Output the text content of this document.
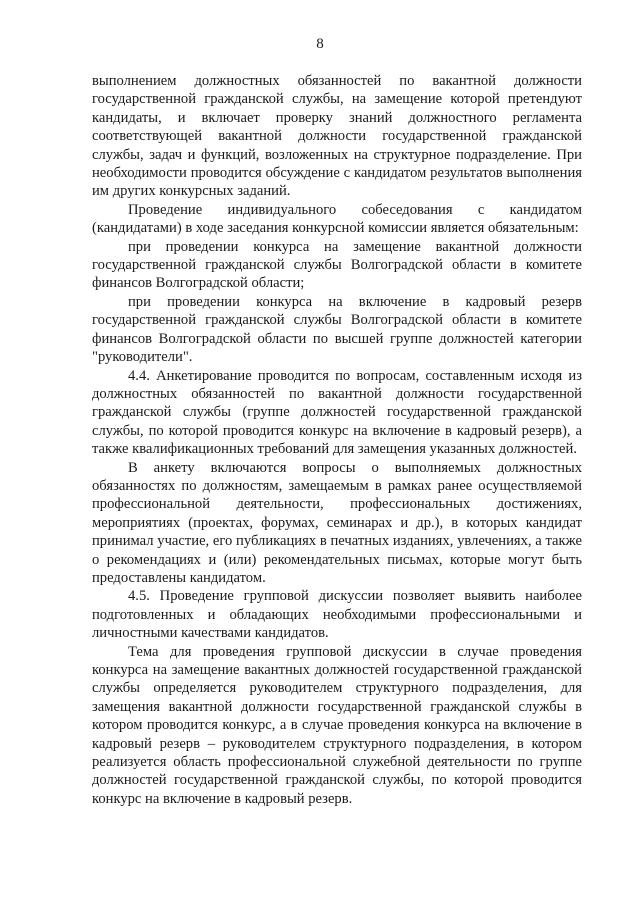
8

выполнением должностных обязанностей по вакантной должности государственной гражданской службы, на замещение которой претендуют кандидаты, и включает проверку знаний должностного регламента соответствующей вакантной должности государственной гражданской службы, задач и функций, возложенных на структурное подразделение. При необходимости проводится обсуждение с кандидатом результатов выполнения им других конкурсных заданий.

Проведение индивидуального собеседования с кандидатом (кандидатами) в ходе заседания конкурсной комиссии является обязательным:

при проведении конкурса на замещение вакантной должности государственной гражданской службы Волгоградской области в комитете финансов Волгоградской области;

при проведении конкурса на включение в кадровый резерв государственной гражданской службы Волгоградской области в комитете финансов Волгоградской области по высшей группе должностей категории "руководители".

4.4. Анкетирование проводится по вопросам, составленным исходя из должностных обязанностей по вакантной должности государственной гражданской службы (группе должностей государственной гражданской службы, по которой проводится конкурс на включение в кадровый резерв), а также квалификационных требований для замещения указанных должностей.

В анкету включаются вопросы о выполняемых должностных обязанностях по должностям, замещаемым в рамках ранее осуществляемой профессиональной деятельности, профессиональных достижениях, мероприятиях (проектах, форумах, семинарах и др.), в которых кандидат принимал участие, его публикациях в печатных изданиях, увлечениях, а также о рекомендациях и (или) рекомендательных письмах, которые могут быть предоставлены кандидатом.

4.5. Проведение групповой дискуссии позволяет выявить наиболее подготовленных и обладающих необходимыми профессиональными и личностными качествами кандидатов.

Тема для проведения групповой дискуссии в случае проведения конкурса на замещение вакантных должностей государственной гражданской службы определяется руководителем структурного подразделения, для замещения вакантной должности государственной гражданской службы в котором проводится конкурс, а в случае проведения конкурса на включение в кадровый резерв – руководителем структурного подразделения, в котором реализуется область профессиональной служебной деятельности по группе должностей государственной гражданской службы, по которой проводится конкурс на включение в кадровый резерв.
